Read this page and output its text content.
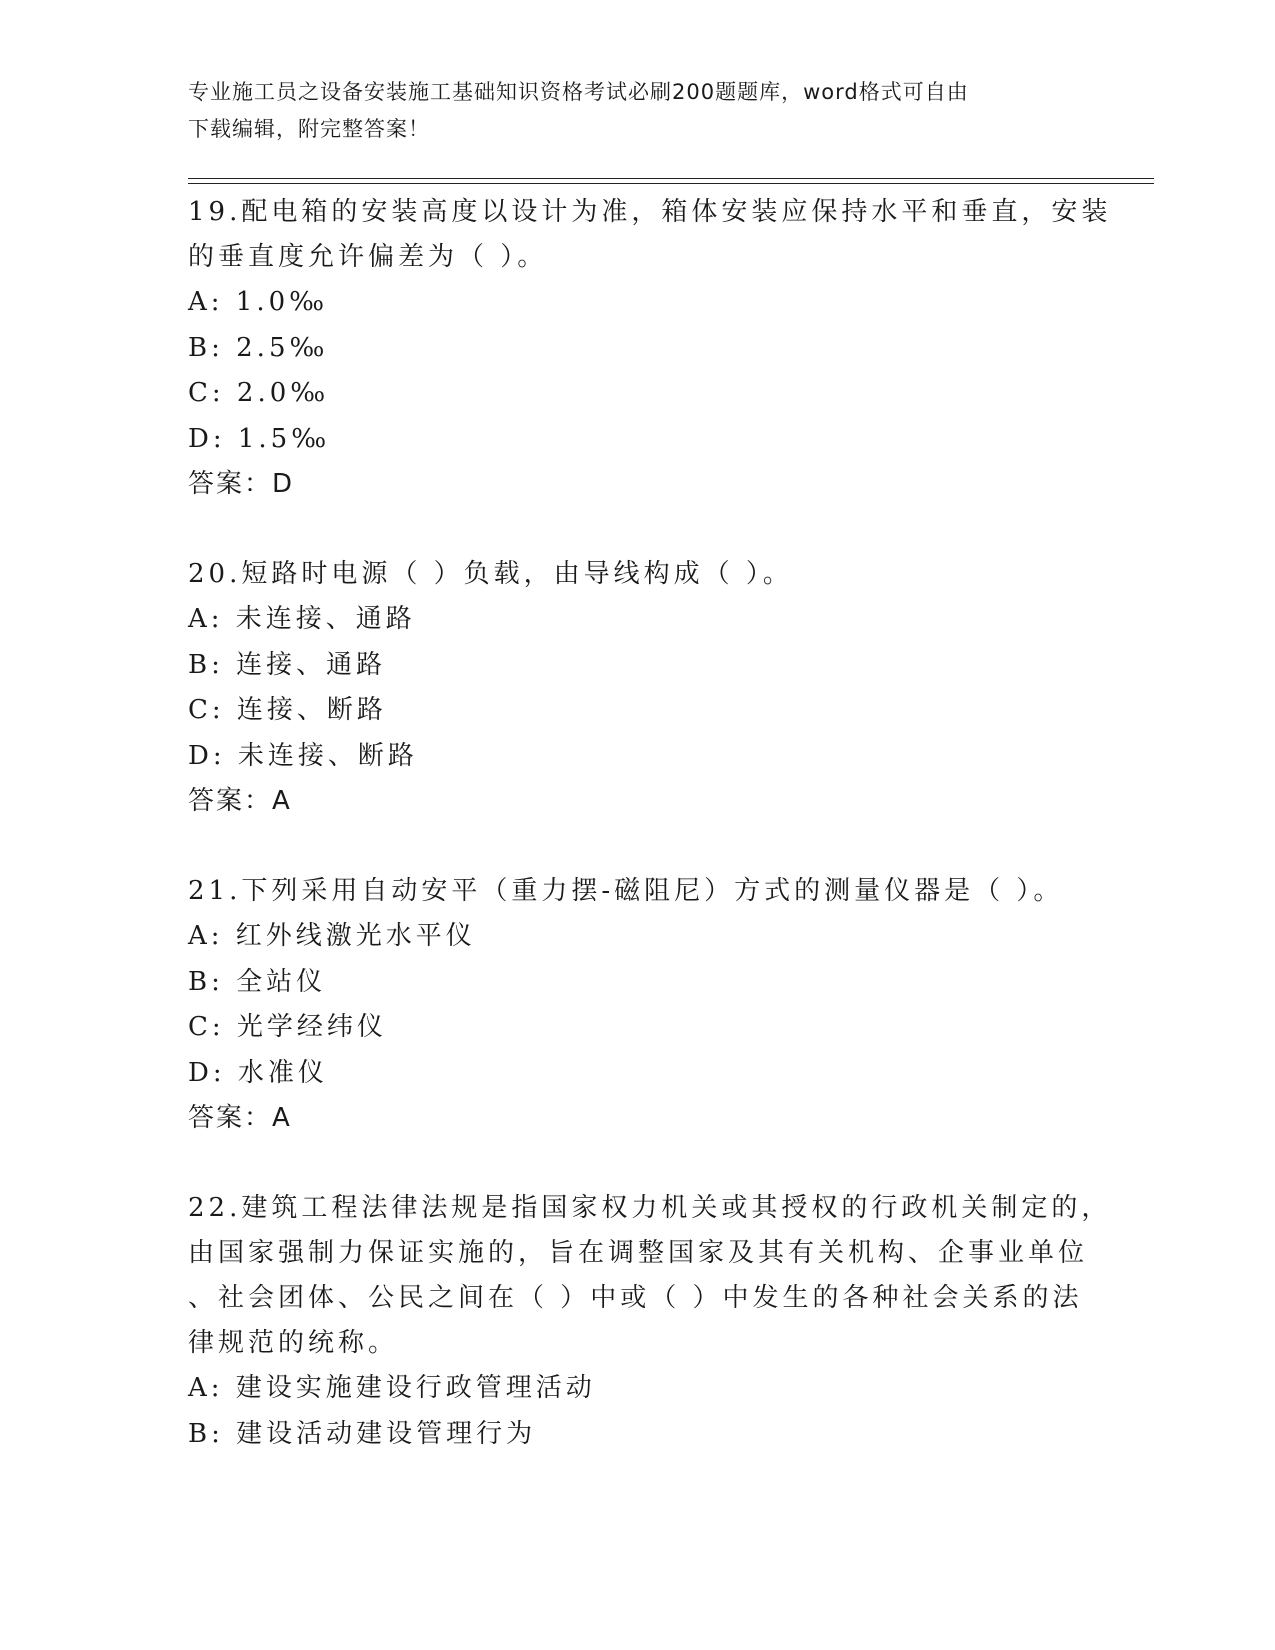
专业施工员之设备安装施工基础知识资格考试必刷200题题库，word格式可自由
下载编辑，附完整答案！
19.配电箱的安装高度以设计为准，箱体安装应保持水平和垂直，安装
的垂直度允许偏差为（ ）。
A: 1.0‰
B: 2.5‰
C: 2.0‰
D: 1.5‰
答案：D
20.短路时电源（ ）负载，由导线构成（ ）。
A: 未连接、通路
B: 连接、通路
C: 连接、断路
D: 未连接、断路
答案：A
21.下列采用自动安平（重力摆-磁阻尼）方式的测量仪器是（ ）。
A: 红外线激光水平仪
B: 全站仪
C: 光学经纬仪
D: 水准仪
答案：A
22.建筑工程法律法规是指国家权力机关或其授权的行政机关制定的，
由国家强制力保证实施的，旨在调整国家及其有关机构、企事业单位
、社会团体、公民之间在（ ）中或（ ）中发生的各种社会关系的法
律规范的统称。
A: 建设实施建设行政管理活动
B: 建设活动建设管理行为
